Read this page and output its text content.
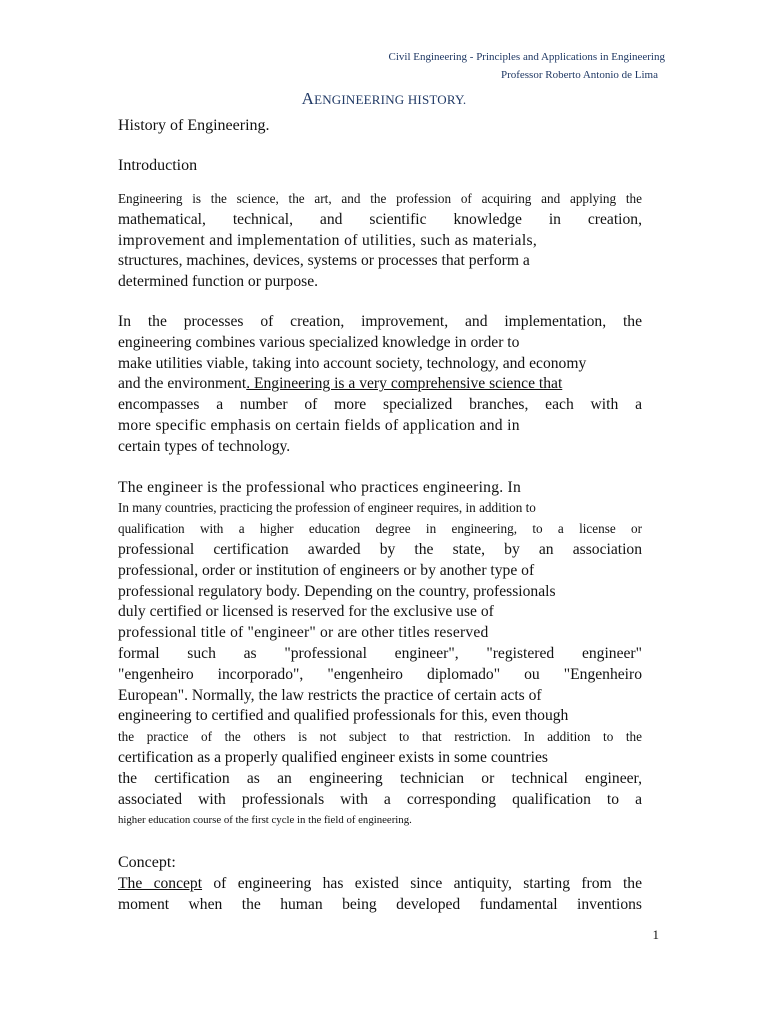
Civil Engineering - Principles and Applications in Engineering
Professor Roberto Antonio de Lima
AENGINEERING HISTORY.

History of Engineering.

Introduction

Engineering is the science, the art, and the profession of acquiring and applying the
mathematical, technical, and scientific knowledge in creation,
improvement and implementation of utilities, such as materials,
structures, machines, devices, systems or processes that perform a
determined function or purpose.
In the processes of creation, improvement, and implementation, the
engineering combines various specialized knowledge in order to
make utilities viable, taking into account society, technology, and economy
and the environment. Engineering is a very comprehensive science that
encompasses a number of more specialized branches, each with a
more specific emphasis on certain fields of application and in
certain types of technology.
The engineer is the professional who practices engineering. In
In many countries, practicing the profession of engineer requires, in addition to
qualification with a higher education degree in engineering, to a license or
professional certification awarded by the state, by an association
professional, order or institution of engineers or by another type of
professional regulatory body. Depending on the country, professionals
duly certified or licensed is reserved for the exclusive use of
professional title of "engineer" or are other titles reserved
formal such as "professional engineer", "registered engineer"
"engenheiro incorporado", "engenheiro diplomado" ou "Engenheiro
European". Normally, the law restricts the practice of certain acts of
engineering to certified and qualified professionals for this, even though
the practice of the others is not subject to that restriction. In addition to the
certification as a properly qualified engineer exists in some countries
the certification as an engineering technician or technical engineer,
associated with professionals with a corresponding qualification to a
higher education course of the first cycle in the field of engineering.

Concept:

The concept of engineering has existed since antiquity, starting from the
moment when the human being developed fundamental inventions
1
